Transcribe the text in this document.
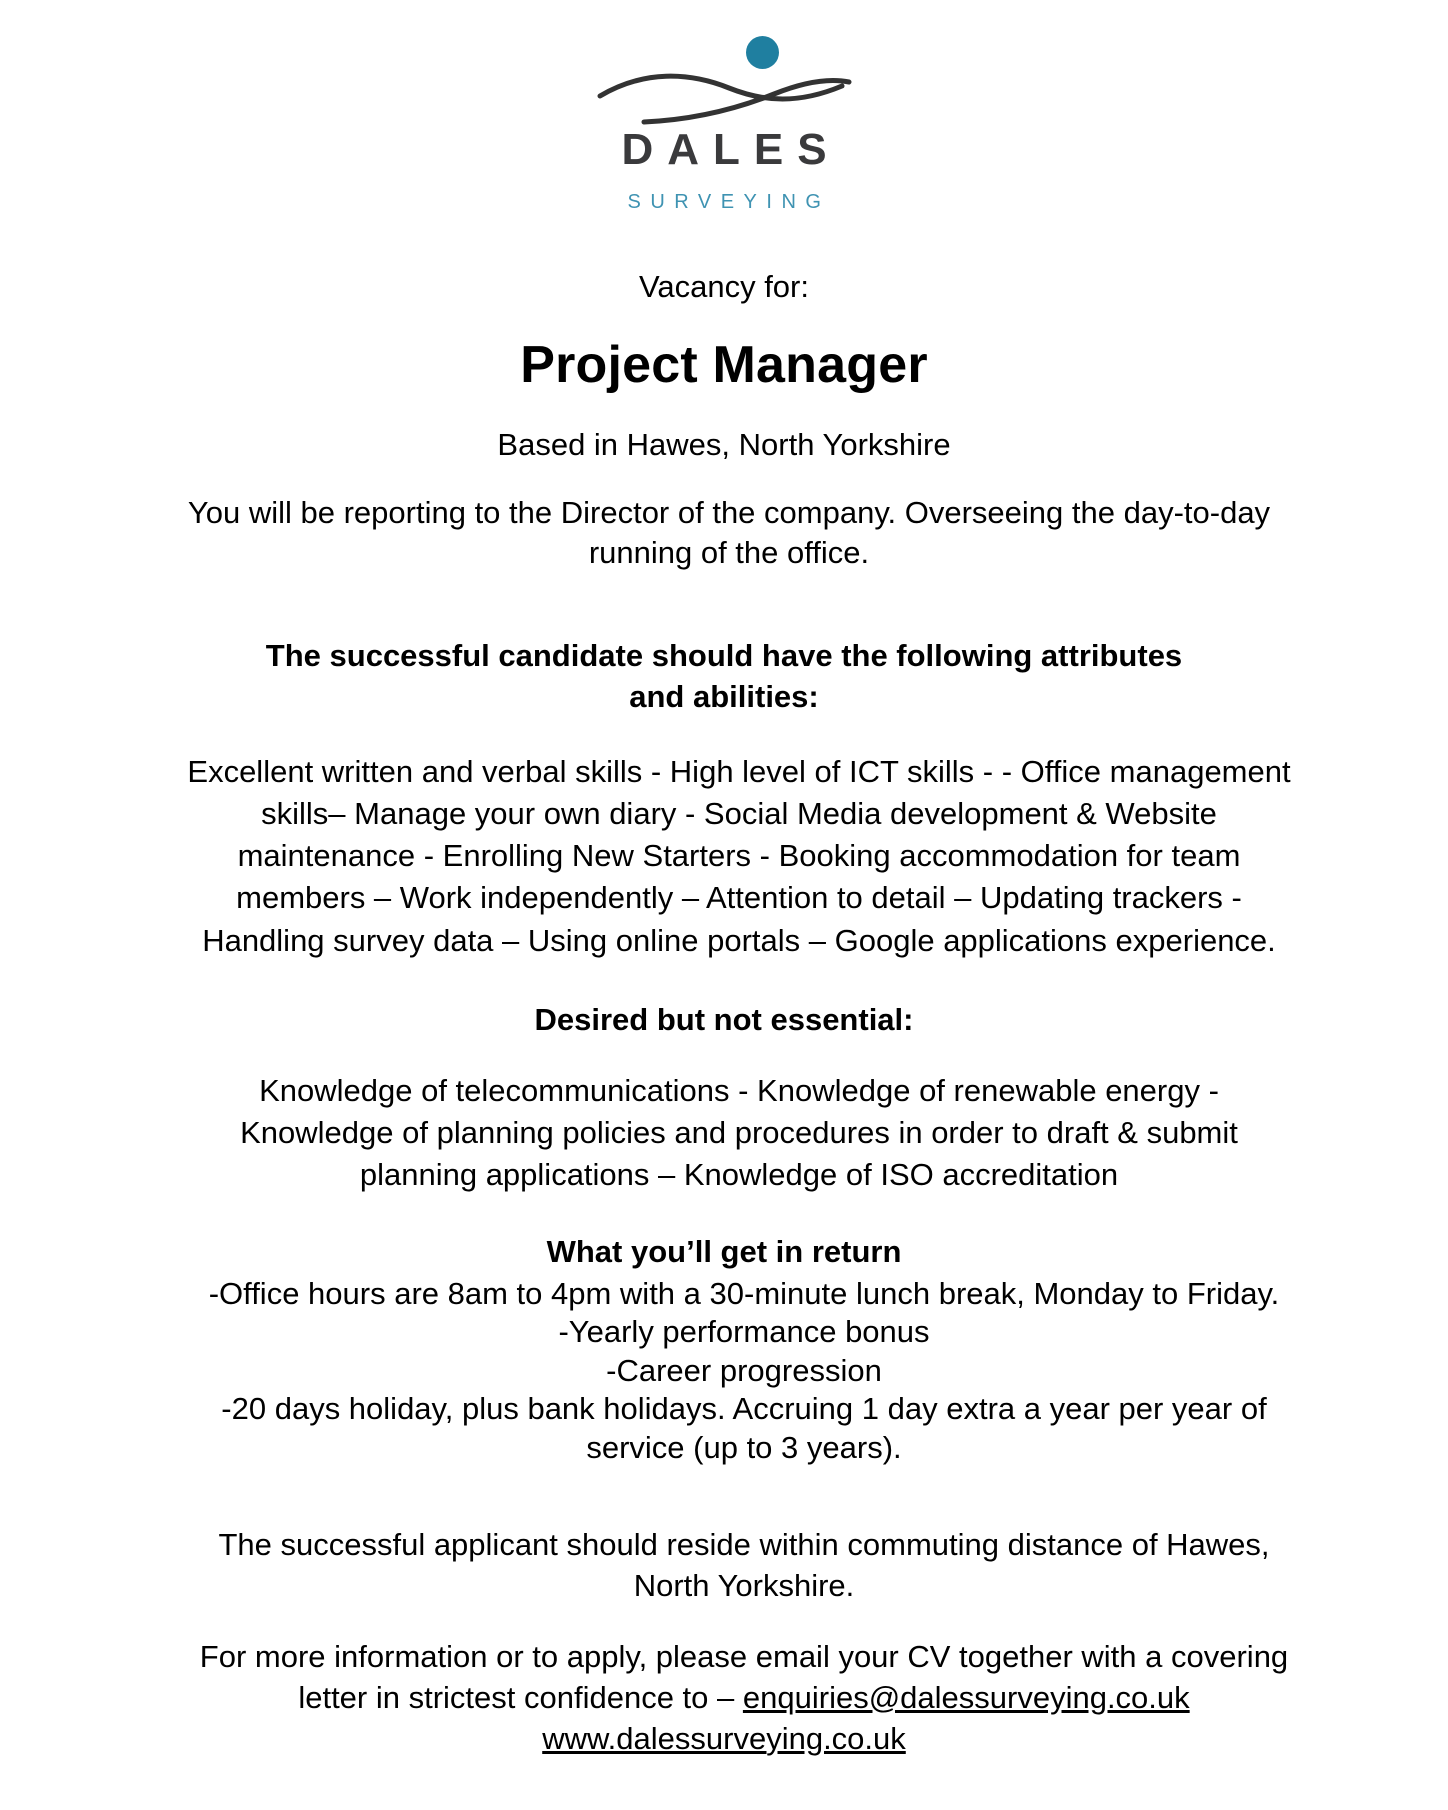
DALES
SURVEYING
Vacancy for:
Project Manager
Based in Hawes, North Yorkshire
You will be reporting to the Director of the company. Overseeing the day-to-day running of the office.
The successful candidate should have the following attributes and abilities:
Excellent written and verbal skills - High level of ICT skills - - Office management skills– Manage your own diary - Social Media development & Website maintenance - Enrolling New Starters - Booking accommodation for team members – Work independently – Attention to detail – Updating trackers - Handling survey data – Using online portals – Google applications experience.
Desired but not essential:
Knowledge of telecommunications - Knowledge of renewable energy - Knowledge of planning policies and procedures in order to draft & submit planning applications – Knowledge of ISO accreditation
What you’ll get in return
-Office hours are 8am to 4pm with a 30-minute lunch break, Monday to Friday.
-Yearly performance bonus
-Career progression
-20 days holiday, plus bank holidays. Accruing 1 day extra a year per year of service (up to 3 years).
The successful applicant should reside within commuting distance of Hawes, North Yorkshire.
For more information or to apply, please email your CV together with a covering letter in strictest confidence to – enquiries@dalessurveying.co.uk
www.dalessurveying.co.uk
